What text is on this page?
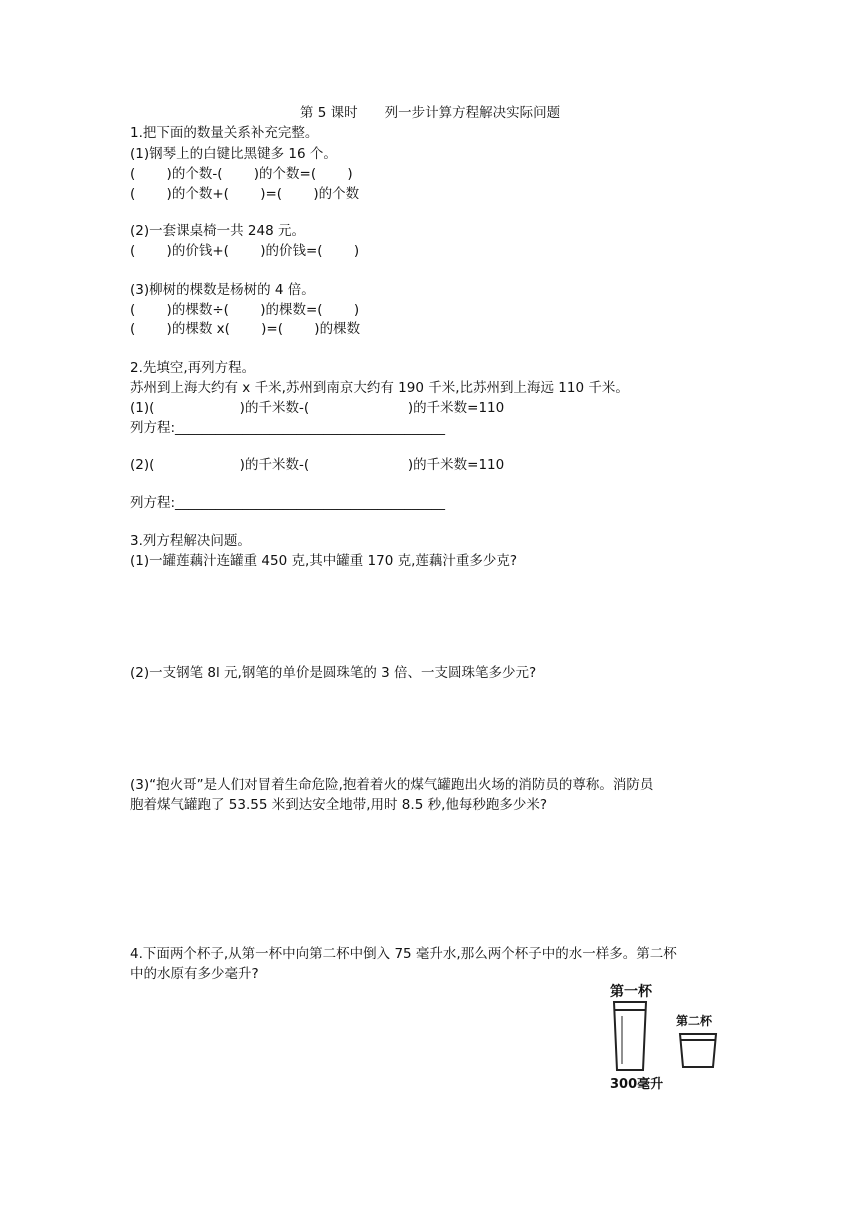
第 5 课时　　列一步计算方程解决实际问题
1.把下面的数量关系补充完整。
(1)钢琴上的白键比黑键多 16 个。
(　　 )的个数-(　　 )的个数=(　　 )
(　　 )的个数+(　　 )=(　　 )的个数
(2)一套课桌椅一共 248 元。
(　　 )的价钱+(　　 )的价钱=(　　 )
(3)柳树的棵数是杨树的 4 倍。
(　　 )的棵数÷(　　 )的棵数=(　　 )
(　　 )的棵数 x(　　 )=(　　 )的棵数
2.先填空,再列方程。
苏州到上海大约有 x 千米,苏州到南京大约有 190 千米,比苏州到上海远 110 千米。
(1)(　　　　　　 )的千米数-(　　　　　　　 )的千米数=110
列方程:________________________________________
(2)(　　　　　　 )的千米数-(　　　　　　　 )的千米数=110
列方程:________________________________________
3.列方程解决问题。
(1)一罐莲藕汁连罐重 450 克,其中罐重 170 克,莲藕汁重多少克?
(2)一支钢笔 8l 元,钢笔的单价是圆珠笔的 3 倍、一支圆珠笔多少元?
(3)“抱火哥”是人们对冒着生命危险,抱着着火的煤气罐跑出火场的消防员的尊称。消防员
胞着煤气罐跑了 53.55 米到达安全地带,用时 8.5 秒,他每秒跑多少米?
4.下面两个杯子,从第一杯中向第二杯中倒入 75 毫升水,那么两个杯子中的水一样多。第二杯
中的水原有多少毫升?
第一杯
第二杯
300毫升
